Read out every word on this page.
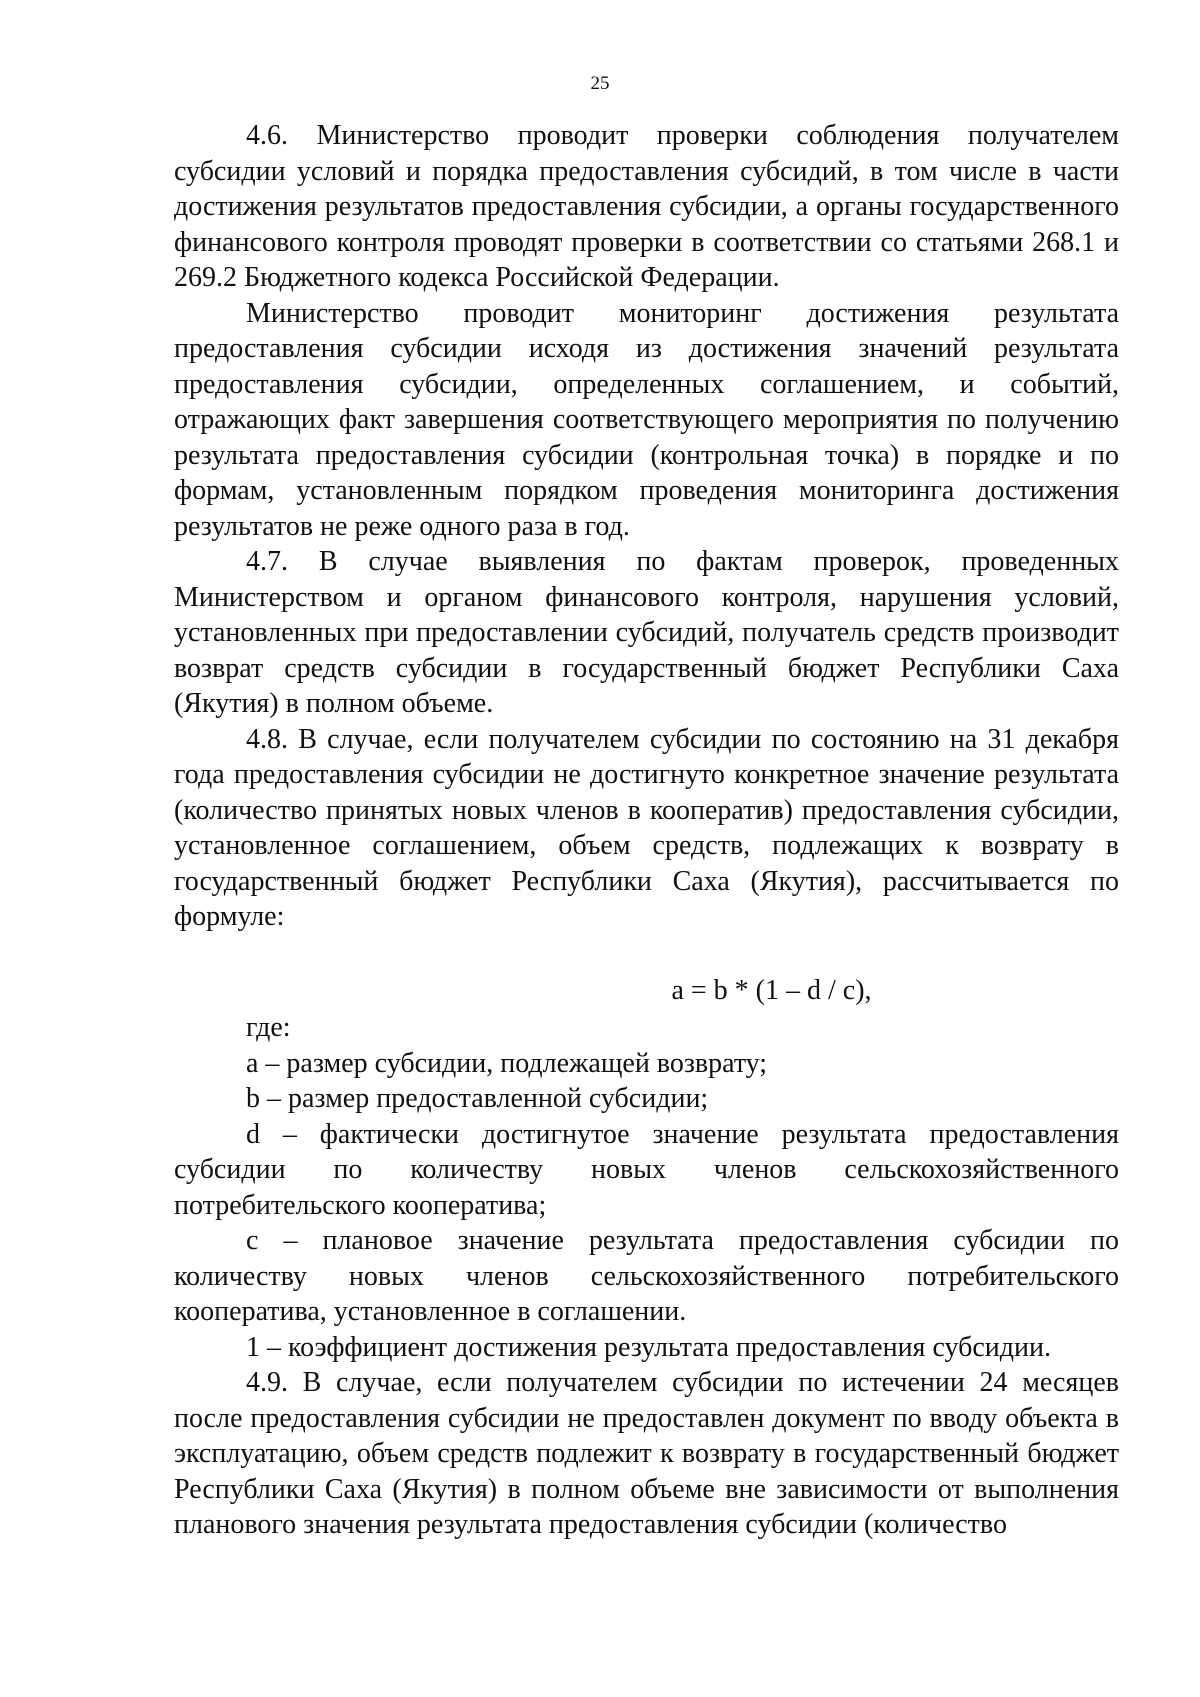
25

4.6. Министерство проводит проверки соблюдения получателем субсидии условий и порядка предоставления субсидий, в том числе в части достижения результатов предоставления субсидии, а органы государственного финансового контроля проводят проверки в соответствии со статьями 268.1 и 269.2 Бюджетного кодекса Российской Федерации.

Министерство проводит мониторинг достижения результата предоставления субсидии исходя из достижения значений результата предоставления субсидии, определенных соглашением, и событий, отражающих факт завершения соответствующего мероприятия по получению результата предоставления субсидии (контрольная точка) в порядке и по формам, установленным порядком проведения мониторинга достижения результатов не реже одного раза в год.

4.7. В случае выявления по фактам проверок, проведенных Министерством и органом финансового контроля, нарушения условий, установленных при предоставлении субсидий, получатель средств производит возврат средств субсидии в государственный бюджет Республики Саха (Якутия) в полном объеме.

4.8. В случае, если получателем субсидии по состоянию на 31 декабря года предоставления субсидии не достигнуто конкретное значение результата (количество принятых новых членов в кооператив) предоставления субсидии, установленное соглашением, объем средств, подлежащих к возврату в государственный бюджет Республики Саха (Якутия), рассчитывается по формуле:

a = b * (1 – d / c),

где:

a – размер субсидии, подлежащей возврату;

b – размер предоставленной субсидии;

d – фактически достигнутое значение результата предоставления субсидии по количеству новых членов сельскохозяйственного потребительского кооператива;

c – плановое значение результата предоставления субсидии по количеству новых членов сельскохозяйственного потребительского кооператива, установленное в соглашении.

1 – коэффициент достижения результата предоставления субсидии.

4.9. В случае, если получателем субсидии по истечении 24 месяцев после предоставления субсидии не предоставлен документ по вводу объекта в эксплуатацию, объем средств подлежит к возврату в государственный бюджет Республики Саха (Якутия) в полном объеме вне зависимости от выполнения планового значения результата предоставления субсидии (количество
